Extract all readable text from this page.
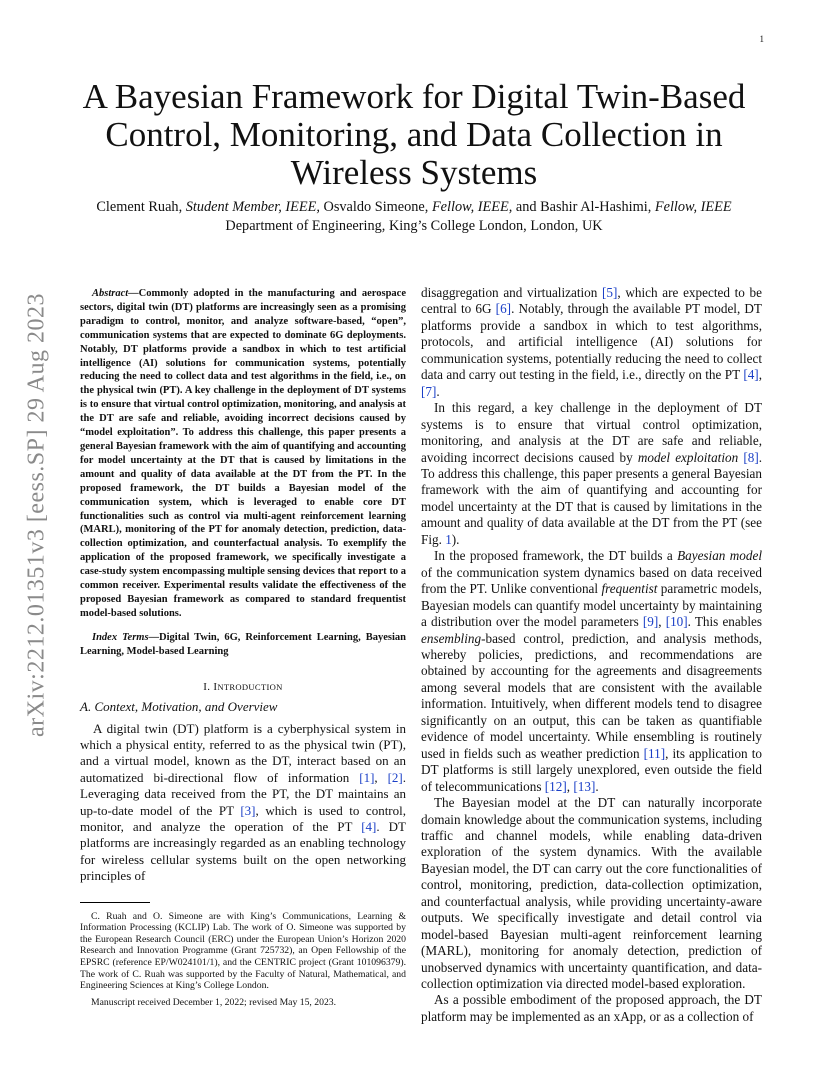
1
arXiv:2212.01351v3 [eess.SP] 29 Aug 2023
A Bayesian Framework for Digital Twin-Based Control, Monitoring, and Data Collection in Wireless Systems
Clement Ruah, Student Member, IEEE, Osvaldo Simeone, Fellow, IEEE, and Bashir Al-Hashimi, Fellow, IEEE
Department of Engineering, King’s College London, London, UK

Abstract—Commonly adopted in the manufacturing and aerospace sectors, digital twin (DT) platforms are increasingly seen as a promising paradigm to control, monitor, and analyze software-based, “open”, communication systems that are expected to dominate 6G deployments. Notably, DT platforms provide a sandbox in which to test artificial intelligence (AI) solutions for communication systems, potentially reducing the need to collect data and test algorithms in the field, i.e., on the physical twin (PT). A key challenge in the deployment of DT systems is to ensure that virtual control optimization, monitoring, and analysis at the DT are safe and reliable, avoiding incorrect decisions caused by “model exploitation”. To address this challenge, this paper presents a general Bayesian framework with the aim of quantifying and accounting for model uncertainty at the DT that is caused by limitations in the amount and quality of data available at the DT from the PT. In the proposed framework, the DT builds a Bayesian model of the communication system, which is leveraged to enable core DT functionalities such as control via multi-agent reinforcement learning (MARL), monitoring of the PT for anomaly detection, prediction, data-collection optimization, and counterfactual analysis. To exemplify the application of the proposed framework, we specifically investigate a case-study system encompassing multiple sensing devices that report to a common receiver. Experimental results validate the effectiveness of the proposed Bayesian framework as compared to standard frequentist model-based solutions.

Index Terms—Digital Twin, 6G, Reinforcement Learning, Bayesian Learning, Model-based Learning

I. INTRODUCTION
A. Context, Motivation, and Overview

A digital twin (DT) platform is a cyberphysical system in which a physical entity, referred to as the physical twin (PT), and a virtual model, known as the DT, interact based on an automatized bi-directional flow of information [1], [2]. Leveraging data received from the PT, the DT maintains an up-to-date model of the PT [3], which is used to control, monitor, and analyze the operation of the PT [4]. DT platforms are increasingly regarded as an enabling technology for wireless cellular systems built on the open networking principles of

C. Ruah and O. Simeone are with King’s Communications, Learning & Information Processing (KCLIP) Lab. The work of O. Simeone was supported by the European Research Council (ERC) under the European Union’s Horizon 2020 Research and Innovation Programme (Grant 725732), an Open Fellowship of the EPSRC (reference EP/W024101/1), and the CENTRIC project (Grant 101096379). The work of C. Ruah was supported by the Faculty of Natural, Mathematical, and Engineering Sciences at King’s College London.

Manuscript received December 1, 2022; revised May 15, 2023.

disaggregation and virtualization [5], which are expected to be central to 6G [6]. Notably, through the available PT model, DT platforms provide a sandbox in which to test algorithms, protocols, and artificial intelligence (AI) solutions for communication systems, potentially reducing the need to collect data and carry out testing in the field, i.e., directly on the PT [4], [7].

In this regard, a key challenge in the deployment of DT systems is to ensure that virtual control optimization, monitoring, and analysis at the DT are safe and reliable, avoiding incorrect decisions caused by model exploitation [8]. To address this challenge, this paper presents a general Bayesian framework with the aim of quantifying and accounting for model uncertainty at the DT that is caused by limitations in the amount and quality of data available at the DT from the PT (see Fig. 1).

In the proposed framework, the DT builds a Bayesian model of the communication system dynamics based on data received from the PT. Unlike conventional frequentist parametric models, Bayesian models can quantify model uncertainty by maintaining a distribution over the model parameters [9], [10]. This enables ensembling-based control, prediction, and analysis methods, whereby policies, predictions, and recommendations are obtained by accounting for the agreements and disagreements among several models that are consistent with the available information. Intuitively, when different models tend to disagree significantly on an output, this can be taken as quantifiable evidence of model uncertainty. While ensembling is routinely used in fields such as weather prediction [11], its application to DT platforms is still largely unexplored, even outside the field of telecommunications [12], [13].

The Bayesian model at the DT can naturally incorporate domain knowledge about the communication systems, including traffic and channel models, while enabling data-driven exploration of the system dynamics. With the available Bayesian model, the DT can carry out the core functionalities of control, monitoring, prediction, data-collection optimization, and counterfactual analysis, while providing uncertainty-aware outputs. We specifically investigate and detail control via model-based Bayesian multi-agent reinforcement learning (MARL), monitoring for anomaly detection, prediction of unobserved dynamics with uncertainty quantification, and data-collection optimization via directed model-based exploration.

As a possible embodiment of the proposed approach, the DT platform may be implemented as an xApp, or as a collection of
